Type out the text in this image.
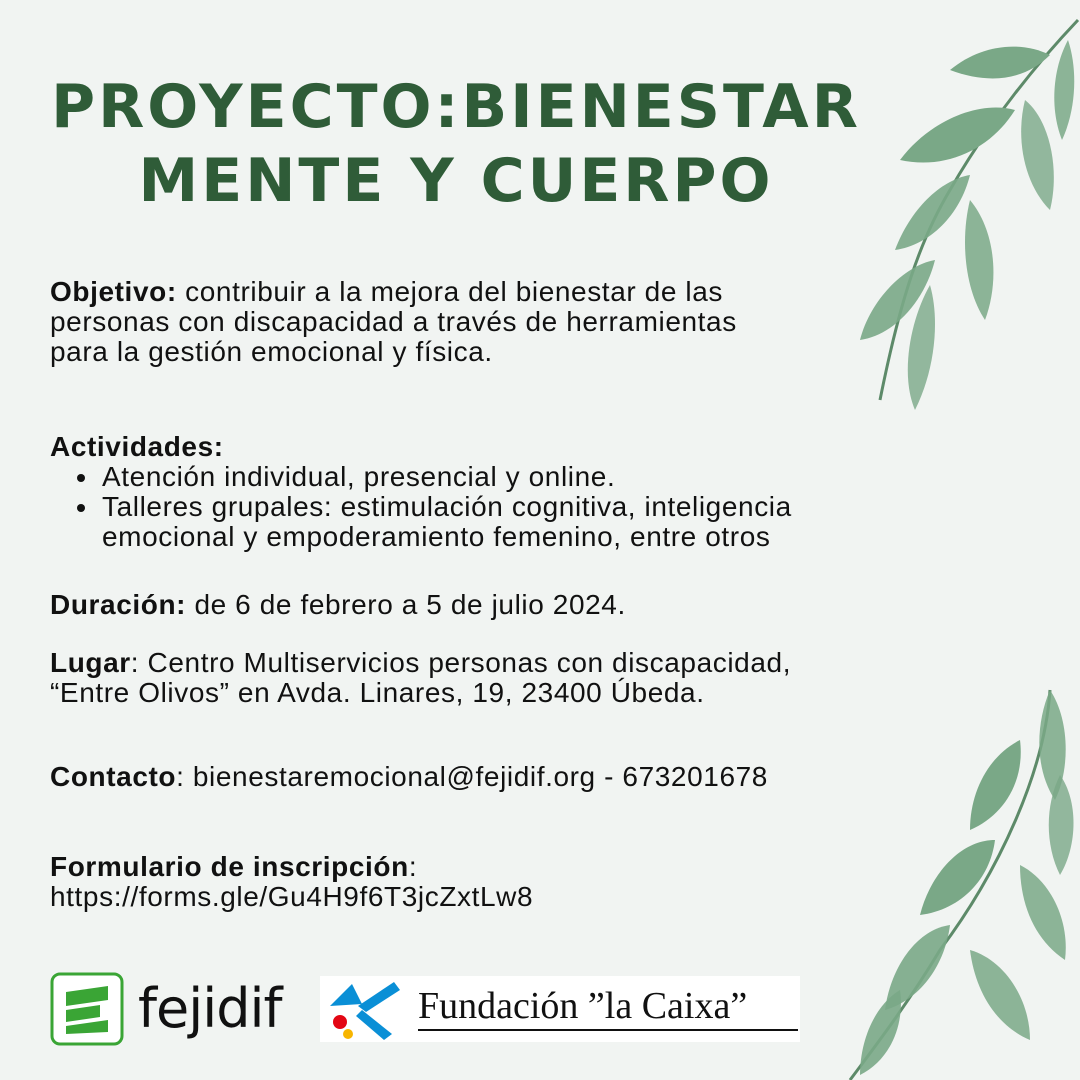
PROYECTO:BIENESTAR
MENTE Y CUERPO
Objetivo: contribuir a la mejora del bienestar de las personas con discapacidad a través de herramientas para la gestión emocional y física.
Actividades:
• Atención individual, presencial y online.
• Talleres grupales: estimulación cognitiva, inteligencia emocional y empoderamiento femenino, entre otros
Duración: de 6 de febrero a 5 de julio 2024.
Lugar: Centro Multiservicios personas con discapacidad, “Entre Olivos” en Avda. Linares, 19, 23400 Úbeda.
Contacto: bienestaremocional@fejidif.org - 673201678
Formulario de inscripción:
https://forms.gle/Gu4H9f6T3jcZxtLw8
fejidif	Fundación ”la Caixa”
